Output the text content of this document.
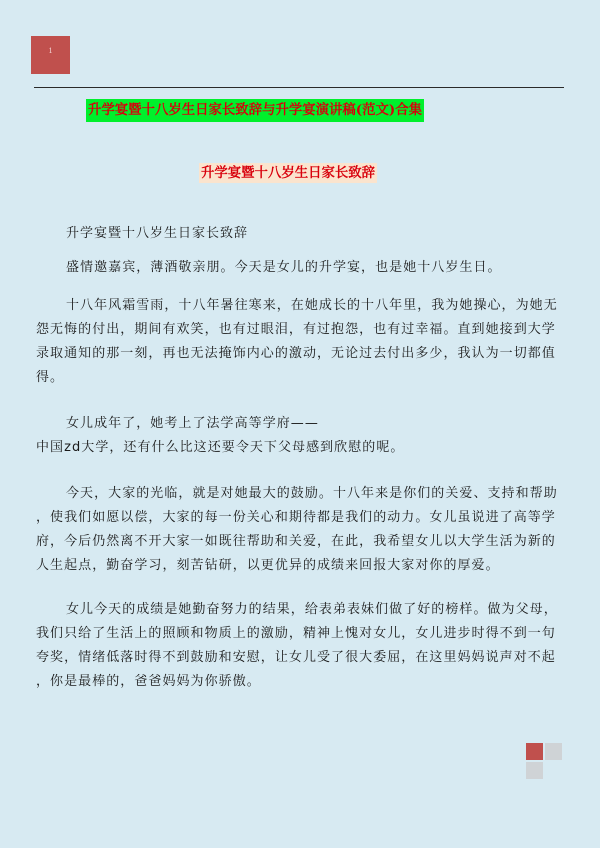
1
升学宴暨十八岁生日家长致辞与升学宴演讲稿(范文)合集
升学宴暨十八岁生日家长致辞
升学宴暨十八岁生日家长致辞
盛情邀嘉宾，薄酒敬亲朋。今天是女儿的升学宴，也是她十八岁生日。
十八年风霜雪雨，十八年暑往寒来，在她成长的十八年里，我为她操心，为她无
怨无悔的付出，期间有欢笑，也有过眼泪，有过抱怨，也有过幸福。直到她接到大学
录取通知的那一刻，再也无法掩饰内心的激动，无论过去付出多少，我认为一切都值
得。
女儿成年了，她考上了法学高等学府——
中国zd大学，还有什么比这还要令天下父母感到欣慰的呢。
今天，大家的光临，就是对她最大的鼓励。十八年来是你们的关爱、支持和帮助
，使我们如愿以偿，大家的每一份关心和期待都是我们的动力。女儿虽说进了高等学
府，今后仍然离不开大家一如既往帮助和关爱，在此，我希望女儿以大学生活为新的
人生起点，勤奋学习，刻苦钻研，以更优异的成绩来回报大家对你的厚爱。
女儿今天的成绩是她勤奋努力的结果，给表弟表妹们做了好的榜样。做为父母，
我们只给了生活上的照顾和物质上的激励，精神上愧对女儿，女儿进步时得不到一句
夸奖，情绪低落时得不到鼓励和安慰，让女儿受了很大委屈，在这里妈妈说声对不起
，你是最棒的，爸爸妈妈为你骄傲。
